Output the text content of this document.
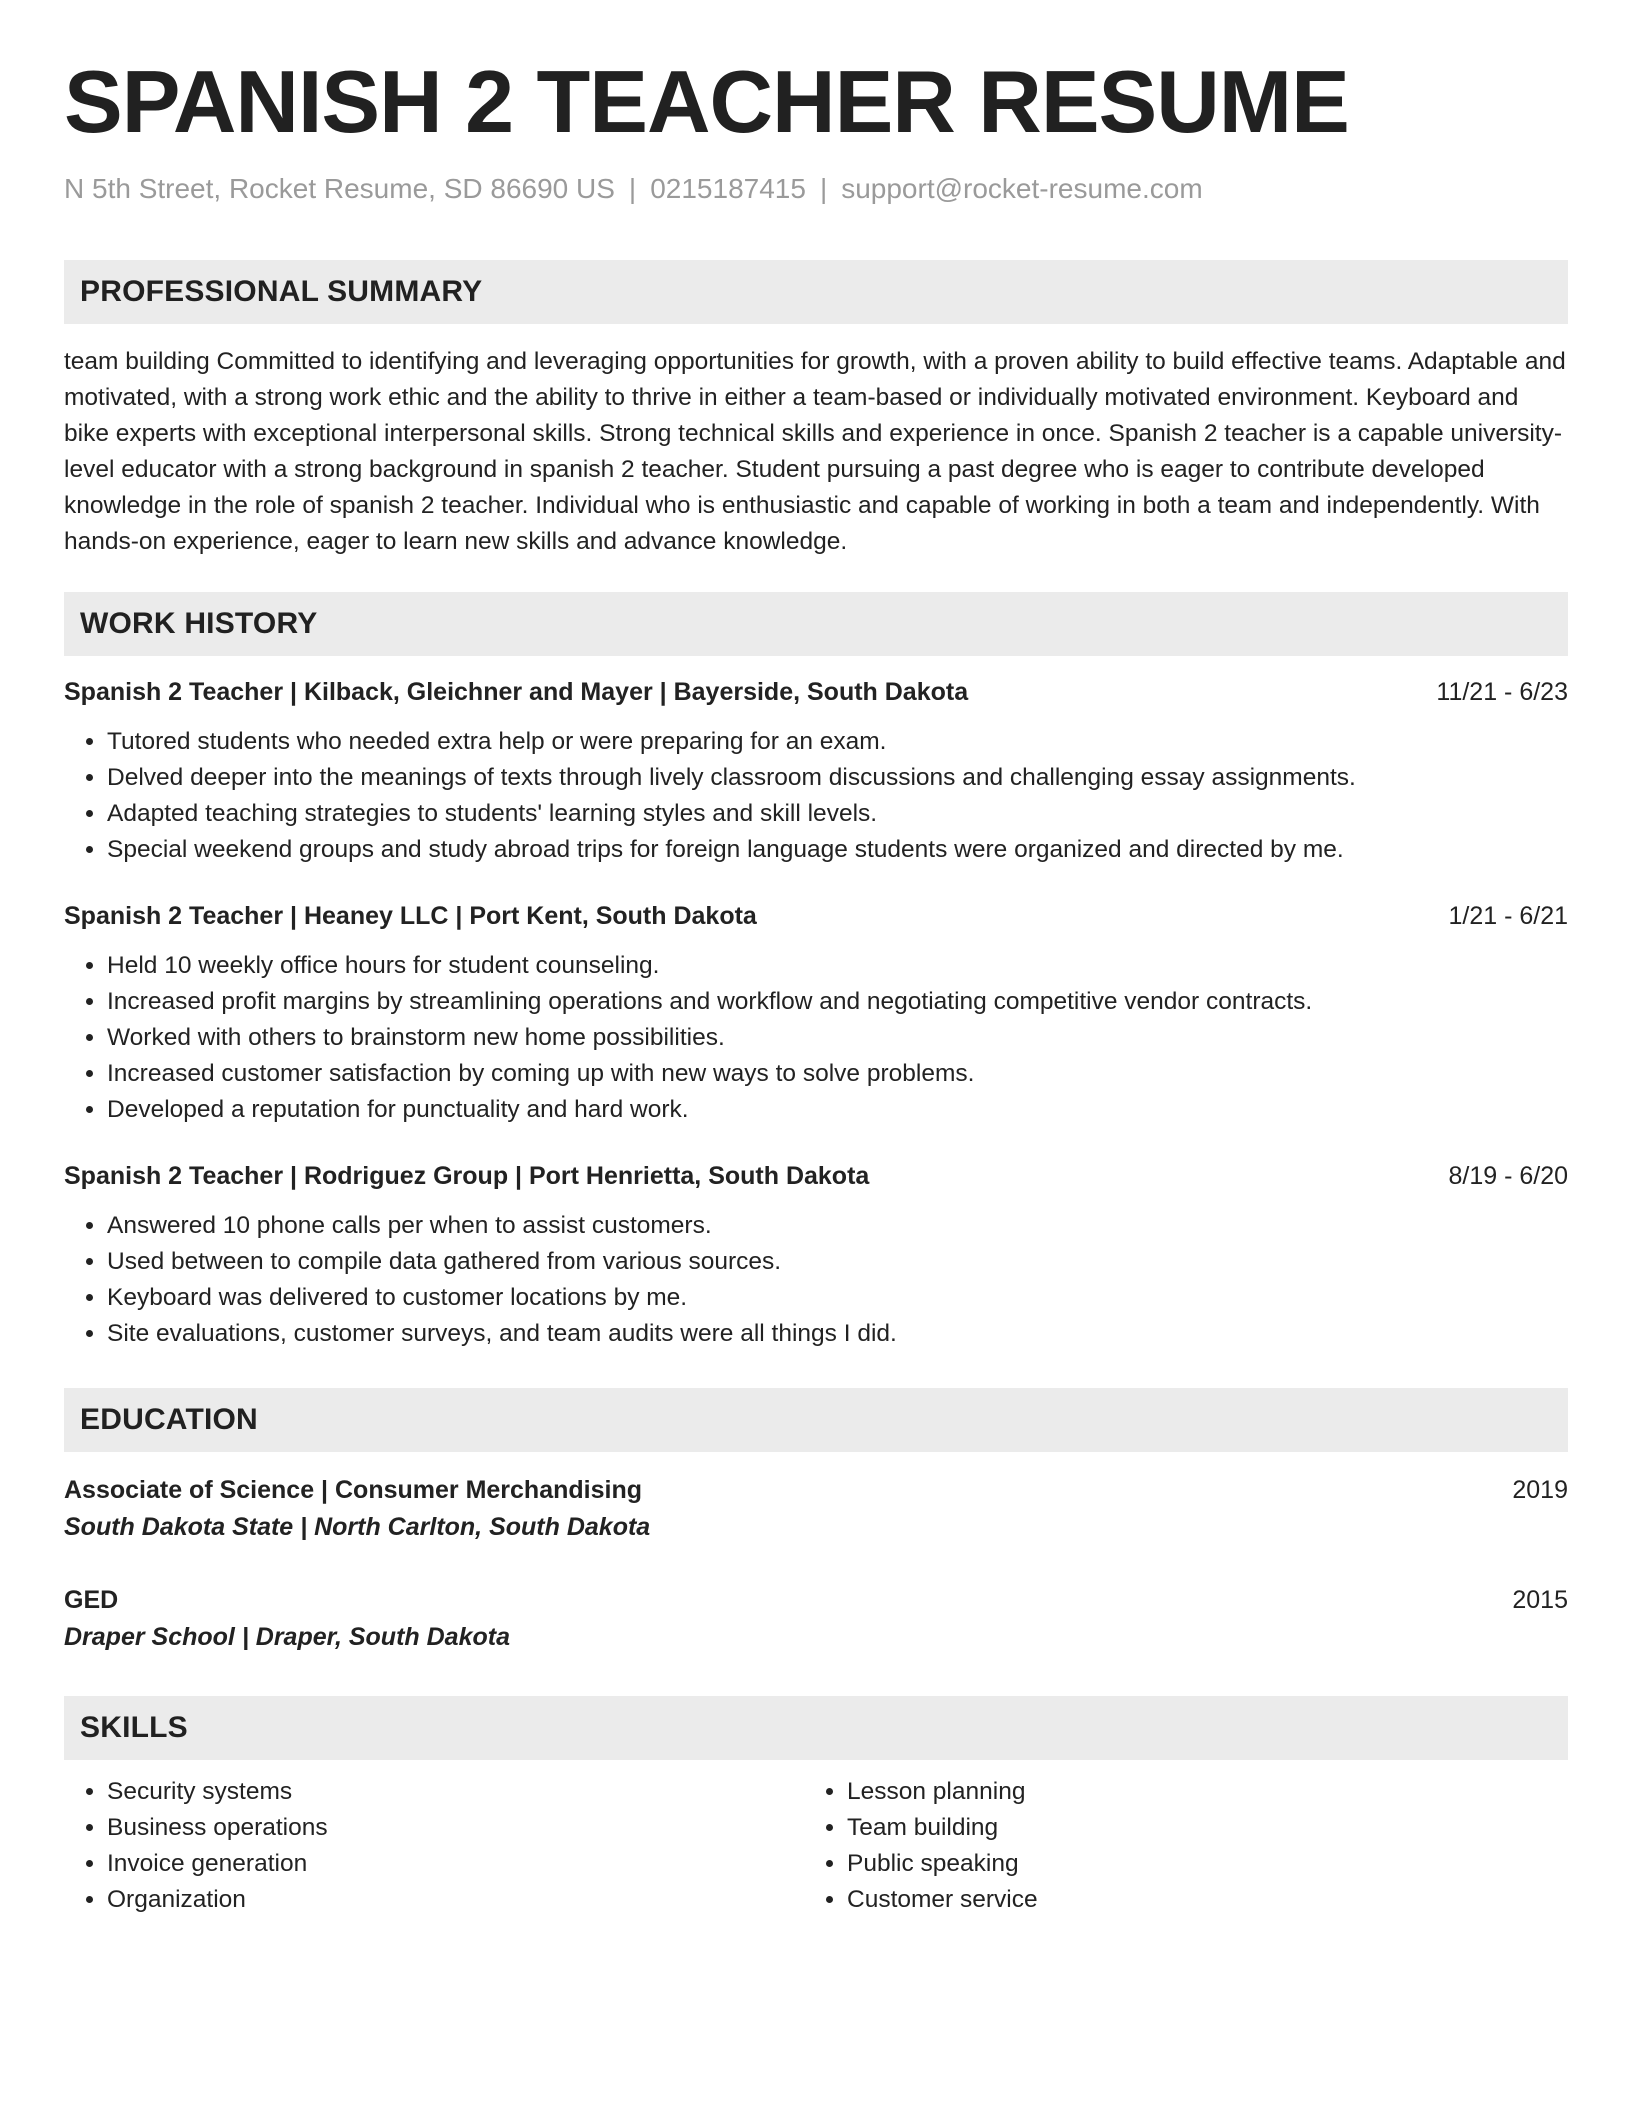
SPANISH 2 TEACHER RESUME
N 5th Street, Rocket Resume, SD 86690 US | 0215187415 | support@rocket-resume.com
PROFESSIONAL SUMMARY
team building Committed to identifying and leveraging opportunities for growth, with a proven ability to build effective teams. Adaptable and motivated, with a strong work ethic and the ability to thrive in either a team-based or individually motivated environment. Keyboard and bike experts with exceptional interpersonal skills. Strong technical skills and experience in once. Spanish 2 teacher is a capable university-level educator with a strong background in spanish 2 teacher. Student pursuing a past degree who is eager to contribute developed knowledge in the role of spanish 2 teacher. Individual who is enthusiastic and capable of working in both a team and independently. With hands-on experience, eager to learn new skills and advance knowledge.
WORK HISTORY
Spanish 2 Teacher | Kilback, Gleichner and Mayer | Bayerside, South Dakota	11/21 - 6/23
• Tutored students who needed extra help or were preparing for an exam.
• Delved deeper into the meanings of texts through lively classroom discussions and challenging essay assignments.
• Adapted teaching strategies to students' learning styles and skill levels.
• Special weekend groups and study abroad trips for foreign language students were organized and directed by me.
Spanish 2 Teacher | Heaney LLC | Port Kent, South Dakota	1/21 - 6/21
• Held 10 weekly office hours for student counseling.
• Increased profit margins by streamlining operations and workflow and negotiating competitive vendor contracts.
• Worked with others to brainstorm new home possibilities.
• Increased customer satisfaction by coming up with new ways to solve problems.
• Developed a reputation for punctuality and hard work.
Spanish 2 Teacher | Rodriguez Group | Port Henrietta, South Dakota	8/19 - 6/20
• Answered 10 phone calls per when to assist customers.
• Used between to compile data gathered from various sources.
• Keyboard was delivered to customer locations by me.
• Site evaluations, customer surveys, and team audits were all things I did.
EDUCATION
Associate of Science | Consumer Merchandising	2019
South Dakota State | North Carlton, South Dakota
GED	2015
Draper School | Draper, South Dakota
SKILLS
• Security systems
• Business operations
• Invoice generation
• Organization
• Lesson planning
• Team building
• Public speaking
• Customer service
